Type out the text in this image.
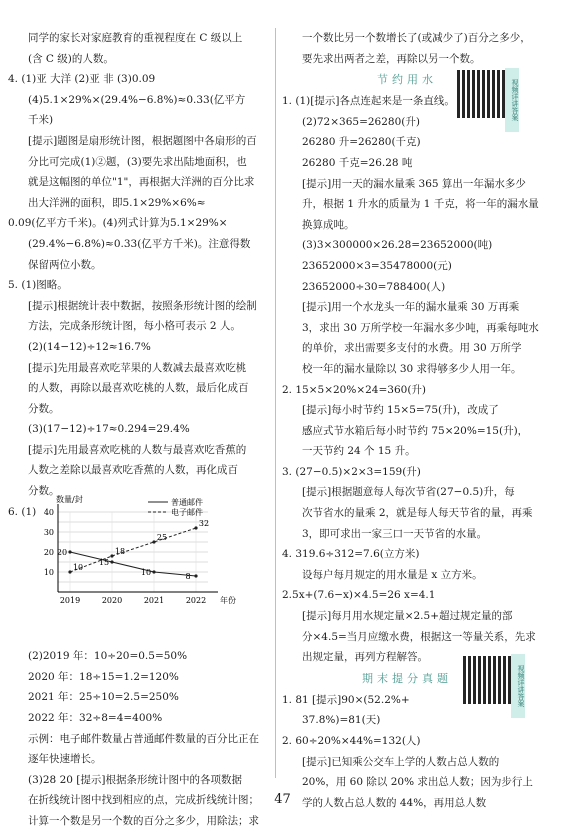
同学的家长对家庭教育的重视程度在 C 级以上
(含 C 级)的人数。
4. (1)亚 大洋 (2)亚 非 (3)0.09
(4)5.1×29%×(29.4%−6.8%)≈0.33(亿平方
千米)
[提示]题图是扇形统计图，根据题图中各扇形的百
分比可完成(1)②题，(3)要先求出陆地面积，也
就是这幅图的单位"1"，再根据大洋洲的百分比求
出大洋洲的面积，即5.1×29%×6%≈
0.09(亿平方千米)。(4)列式计算为5.1×29%×
(29.4%−6.8%)≈0.33(亿平方千米)。注意得数
保留两位小数。
5. (1)图略。
[提示]根据统计表中数据，按照条形统计图的绘制
方法，完成条形统计图，每小格可表示 2 人。
(2)(14−12)÷12≈16.7%
[提示]先用最喜欢吃苹果的人数减去最喜欢吃桃
的人数，再除以最喜欢吃桃的人数，最后化成百
分数。
(3)(17−12)÷17≈0.294=29.4%
[提示]先用最喜欢吃桃的人数与最喜欢吃香蕉的
人数之差除以最喜欢吃香蕉的人数，再化成百
分数。
6. (1)
(2)2019 年：10÷20=0.5=50%
2020 年：18÷15=1.2=120%
2021 年：25÷10=2.5=250%
2022 年：32÷8=4=400%
示例：电子邮件数量占普通邮件数量的百分比正在
逐年快速增长。
(3)28 20 [提示]根据条形统计图中的各项数据
在折线统计图中找到相应的点，完成折线统计图；
计算一个数是另一个数的百分之多少，用除法；求
一个数比另一个数增长了(或减少了)百分之多少，
要先求出两者之差，再除以另一个数。
节约用水
1. (1)[提示]各点连起来是一条直线。
(2)72×365=26280(升)
26280 升=26280(千克)
26280 千克=26.28 吨
[提示]用一天的漏水量乘 365 算出一年漏水多少
升，根据 1 升水的质量为 1 千克，将一年的漏水量
换算成吨。
(3)3×300000×26.28=23652000(吨)
23652000×3=35478000(元)
23652000÷30=788400(人)
[提示]用一个水龙头一年的漏水量乘 30 万再乘
3，求出 30 万所学校一年漏水多少吨，再乘每吨水
的单价，求出需要多支付的水费。用 30 万所学
校一年的漏水量除以 30 求得够多少人用一年。
2. 15×5×20%×24=360(升)
[提示]每小时节约 15×5=75(升)，改成了
感应式节水箱后每小时节约 75×20%=15(升)，
一天节约 24 个 15 升。
3. (27−0.5)×2×3=159(升)
[提示]根据题意每人每次节省(27−0.5)升，每
次节省水的量乘 2，就是每人每天节省的量，再乘
3，即可求出一家三口一天节省的水量。
4. 319.6÷312=7.6(立方米)
设每户每月规定的用水量是 x 立方米。
2.5x+(7.6−x)×4.5=26 x=4.1
[提示]每月用水规定量×2.5+超过规定量的部
分×4.5=当月应缴水费，根据这一等量关系，先求
出规定量，再列方程解答。
期末提分真题
1. 81 [提示]90×(52.2%+
37.8%)=81(天)
2. 60÷20%×44%=132(人)
[提示]已知乘公交车上学的人数占总人数的
20%，用 60 除以 20% 求出总人数；因为步行上
学的人数占总人数的 44%，再用总人数
视频详讲答案
视频详讲答案
10
20
30
40
2019	2020	2021	2022
数量/封
年份
20
15
10	8
普通邮件
10
18
25
32
电子邮件
47
